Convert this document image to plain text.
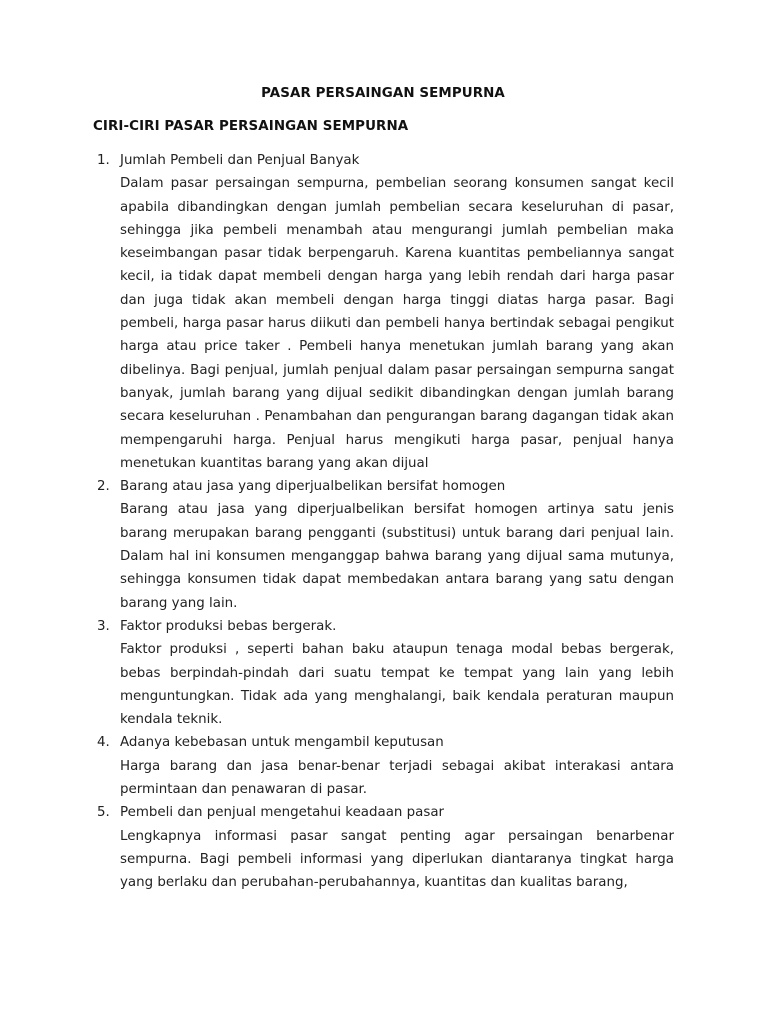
PASAR PERSAINGAN SEMPURNA
CIRI-CIRI PASAR PERSAINGAN SEMPURNA
1. Jumlah Pembeli dan Penjual Banyak

Dalam pasar persaingan sempurna, pembelian seorang konsumen sangat kecil apabila dibandingkan dengan jumlah pembelian secara keseluruhan di pasar, sehingga jika pembeli menambah atau mengurangi jumlah pembelian maka keseimbangan pasar tidak berpengaruh. Karena kuantitas pembeliannya sangat kecil, ia tidak dapat membeli dengan harga yang lebih rendah dari harga pasar dan juga tidak akan membeli dengan harga tinggi diatas harga pasar. Bagi pembeli, harga pasar harus diikuti dan pembeli hanya bertindak sebagai pengikut harga atau price taker . Pembeli hanya menetukan jumlah barang yang akan dibelinya. Bagi penjual, jumlah penjual dalam pasar persaingan sempurna sangat banyak, jumlah barang yang dijual sedikit dibandingkan dengan jumlah barang secara keseluruhan . Penambahan dan pengurangan barang dagangan tidak akan mempengaruhi harga. Penjual harus mengikuti harga pasar, penjual hanya menetukan kuantitas barang yang akan dijual

2. Barang atau jasa yang diperjualbelikan bersifat homogen

Barang atau jasa yang diperjualbelikan bersifat homogen artinya satu jenis barang merupakan barang pengganti (substitusi) untuk barang dari penjual lain. Dalam hal ini konsumen menganggap bahwa barang yang dijual sama mutunya, sehingga konsumen tidak dapat membedakan antara barang yang satu dengan barang yang lain.

3. Faktor produksi bebas bergerak.

Faktor produksi , seperti bahan baku ataupun tenaga modal bebas bergerak, bebas berpindah-pindah dari suatu tempat ke tempat yang lain yang lebih menguntungkan. Tidak ada yang menghalangi, baik kendala peraturan maupun kendala teknik.

4. Adanya kebebasan untuk mengambil keputusan

Harga barang dan jasa benar-benar terjadi sebagai akibat interakasi antara permintaan dan penawaran di pasar.

5. Pembeli dan penjual mengetahui keadaan pasar

Lengkapnya informasi pasar sangat penting agar persaingan benarbenar sempurna. Bagi pembeli informasi yang diperlukan diantaranya tingkat harga yang berlaku dan perubahan-perubahannya, kuantitas dan kualitas barang,
